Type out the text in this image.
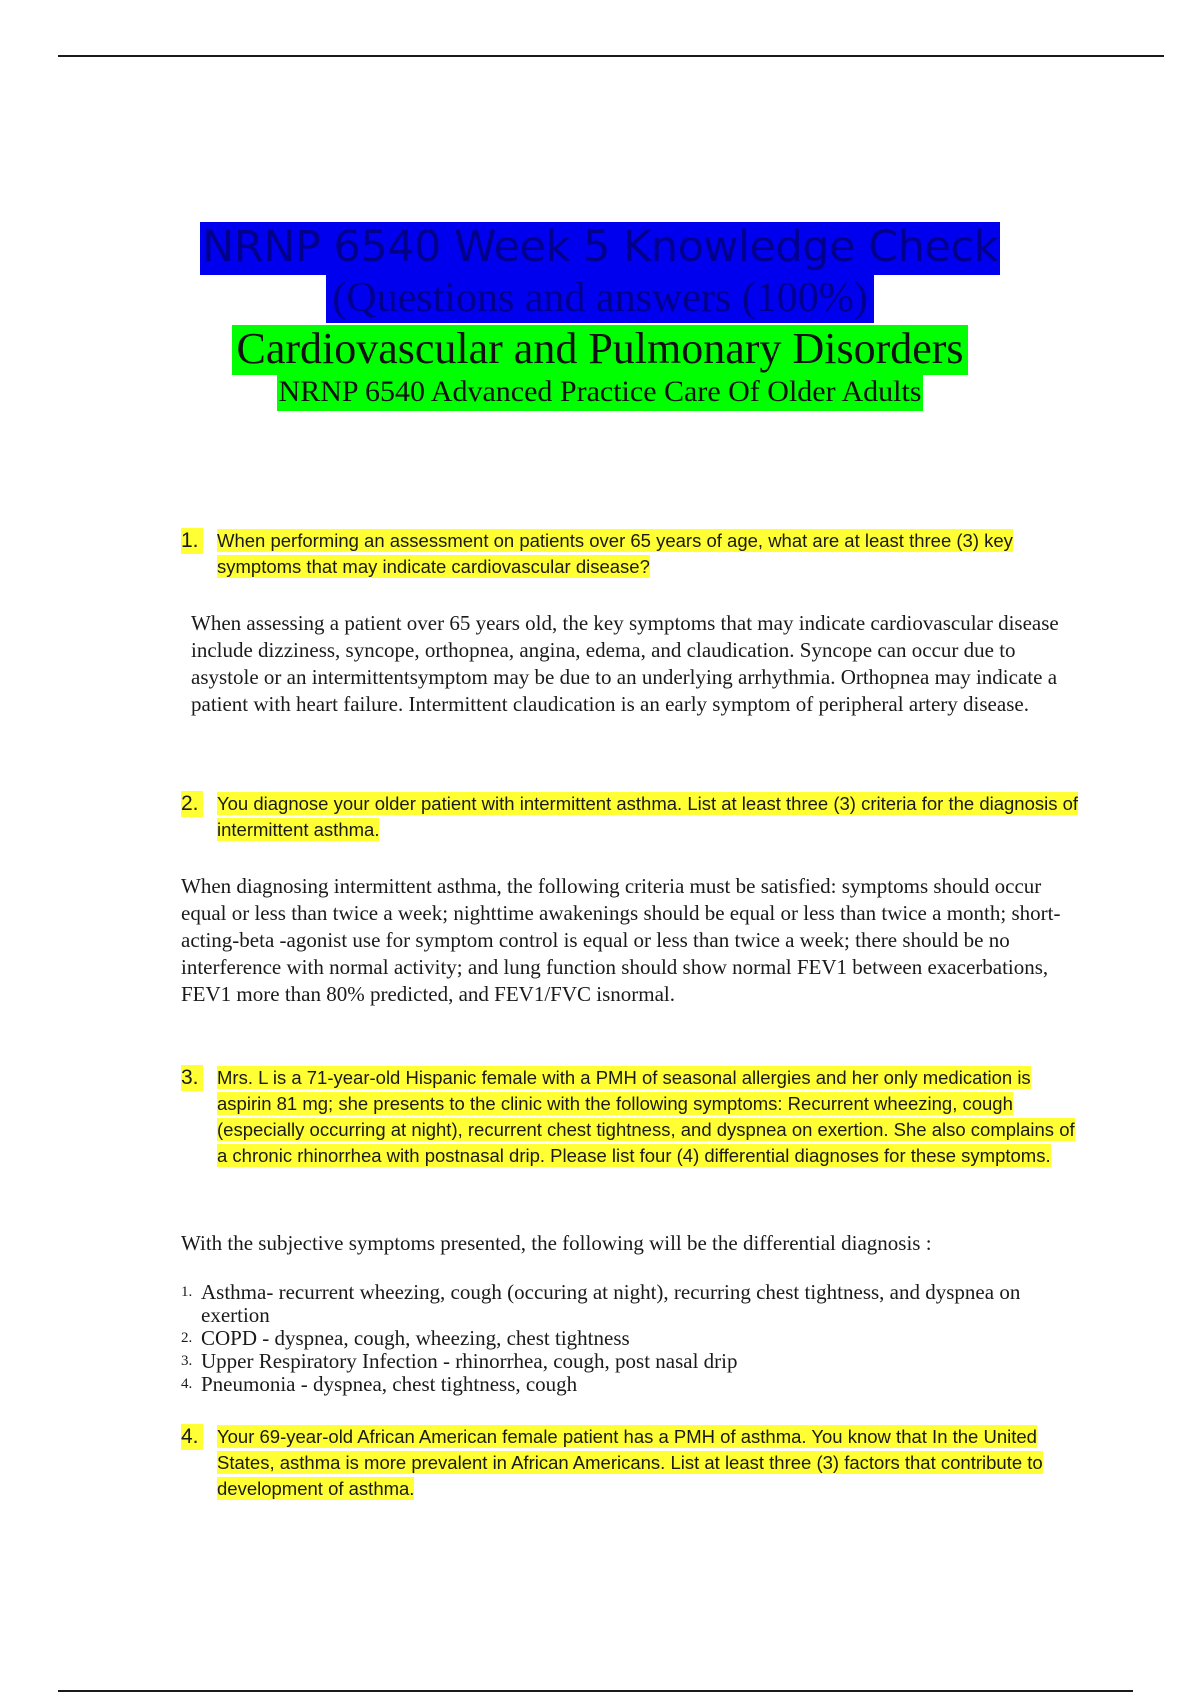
NRNP 6540 Week 5 Knowledge Check
(Questions and answers (100%)
Cardiovascular and Pulmonary Disorders
NRNP 6540 Advanced Practice Care Of Older Adults
1. When performing an assessment on patients over 65 years of age, what are at least three (3) key symptoms that may indicate cardiovascular disease?
When assessing a patient over 65 years old, the key symptoms that may indicate cardiovascular disease include dizziness, syncope, orthopnea, angina, edema, and claudication. Syncope can occur due to asystole or an intermittentsymptom may be due to an underlying arrhythmia. Orthopnea may indicate a patient with heart failure. Intermittent claudication is an early symptom of peripheral artery disease.
2. You diagnose your older patient with intermittent asthma. List at least three (3) criteria for the diagnosis of intermittent asthma.
When diagnosing intermittent asthma, the following criteria must be satisfied: symptoms should occur equal or less than twice a week; nighttime awakenings should be equal or less than twice a month; short-acting-beta -agonist use for symptom control is equal or less than twice a week; there should be no interference with normal activity; and lung function should show normal FEV1 between exacerbations, FEV1 more than 80% predicted, and FEV1/FVC isnormal.
3. Mrs. L is a 71-year-old Hispanic female with a PMH of seasonal allergies and her only medication is aspirin 81 mg; she presents to the clinic with the following symptoms: Recurrent wheezing, cough (especially occurring at night), recurrent chest tightness, and dyspnea on exertion. She also complains of a chronic rhinorrhea with postnasal drip. Please list four (4) differential diagnoses for these symptoms.
With the subjective symptoms presented, the following will be the differential diagnosis :
1. Asthma- recurrent wheezing, cough (occuring at night), recurring chest tightness, and dyspnea on exertion
2. COPD - dyspnea, cough, wheezing, chest tightness
3. Upper Respiratory Infection - rhinorrhea, cough, post nasal drip
4. Pneumonia - dyspnea, chest tightness, cough
4. Your 69-year-old African American female patient has a PMH of asthma. You know that In the United States, asthma is more prevalent in African Americans. List at least three (3) factors that contribute to development of asthma.
